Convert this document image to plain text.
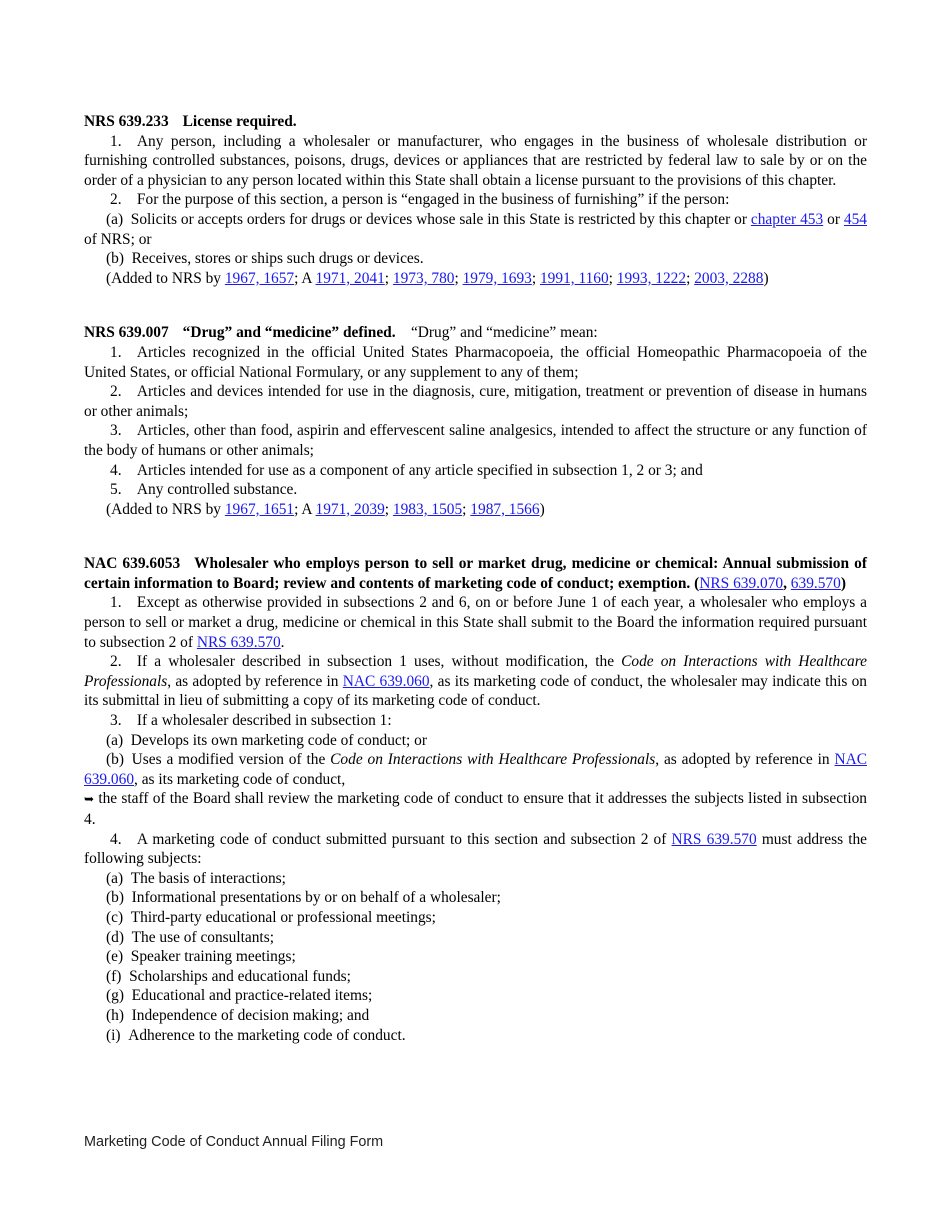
NRS 639.233 License required.

1. Any person, including a wholesaler or manufacturer, who engages in the business of wholesale distribution or furnishing controlled substances, poisons, drugs, devices or appliances that are restricted by federal law to sale by or on the order of a physician to any person located within this State shall obtain a license pursuant to the provisions of this chapter.

2. For the purpose of this section, a person is “engaged in the business of furnishing” if the person:

(a) Solicits or accepts orders for drugs or devices whose sale in this State is restricted by this chapter or chapter 453 or 454 of NRS; or

(b) Receives, stores or ships such drugs or devices.

(Added to NRS by 1967, 1657; A 1971, 2041; 1973, 780; 1979, 1693; 1991, 1160; 1993, 1222; 2003, 2288)

NRS 639.007 “Drug” and “medicine” defined.  “Drug” and “medicine” mean:

1. Articles recognized in the official United States Pharmacopoeia, the official Homeopathic Pharmacopoeia of the United States, or official National Formulary, or any supplement to any of them;

2. Articles and devices intended for use in the diagnosis, cure, mitigation, treatment or prevention of disease in humans or other animals;

3. Articles, other than food, aspirin and effervescent saline analgesics, intended to affect the structure or any function of the body of humans or other animals;

4. Articles intended for use as a component of any article specified in subsection 1, 2 or 3; and

5. Any controlled substance.

(Added to NRS by 1967, 1651; A 1971, 2039; 1983, 1505; 1987, 1566)

NAC 639.6053 Wholesaler who employs person to sell or market drug, medicine or chemical: Annual submission of certain information to Board; review and contents of marketing code of conduct; exemption. (NRS 639.070, 639.570)

1. Except as otherwise provided in subsections 2 and 6, on or before June 1 of each year, a wholesaler who employs a person to sell or market a drug, medicine or chemical in this State shall submit to the Board the information required pursuant to subsection 2 of NRS 639.570.

2. If a wholesaler described in subsection 1 uses, without modification, the Code on Interactions with Healthcare Professionals, as adopted by reference in NAC 639.060, as its marketing code of conduct, the wholesaler may indicate this on its submittal in lieu of submitting a copy of its marketing code of conduct.

3. If a wholesaler described in subsection 1:

(a) Develops its own marketing code of conduct; or

(b) Uses a modified version of the Code on Interactions with Healthcare Professionals, as adopted by reference in NAC 639.060, as its marketing code of conduct,

➥ the staff of the Board shall review the marketing code of conduct to ensure that it addresses the subjects listed in subsection 4.

4. A marketing code of conduct submitted pursuant to this section and subsection 2 of NRS 639.570 must address the following subjects:

(a) The basis of interactions;

(b) Informational presentations by or on behalf of a wholesaler;

(c) Third-party educational or professional meetings;

(d) The use of consultants;

(e) Speaker training meetings;

(f) Scholarships and educational funds;

(g) Educational and practice-related items;

(h) Independence of decision making; and

(i) Adherence to the marketing code of conduct.

Marketing Code of Conduct Annual Filing Form
